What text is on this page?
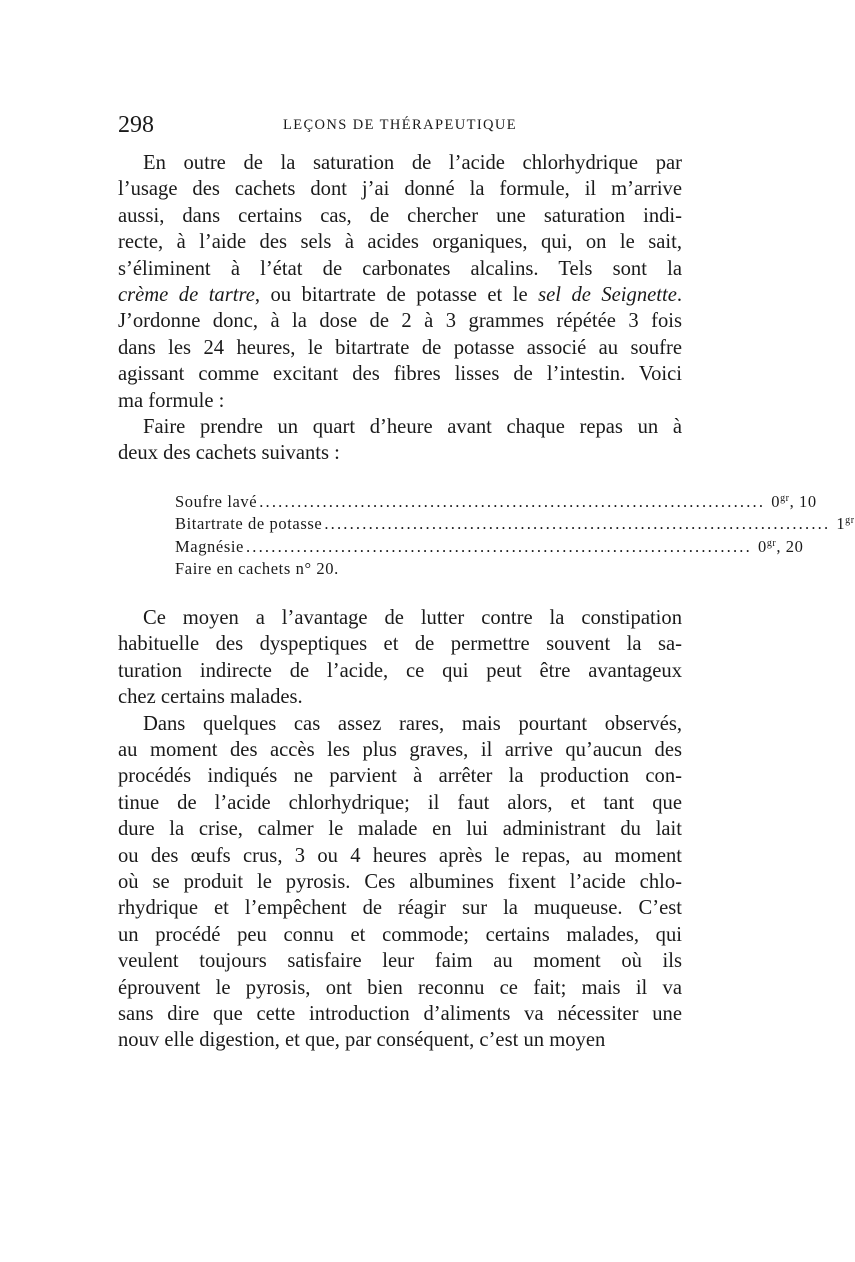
298	LEÇONS DE THÉRAPEUTIQUE

En outre de la saturation de l’acide chlorhydrique par
l’usage des cachets dont j’ai donné la formule, il m’arrive
aussi, dans certains cas, de chercher une saturation indi-
recte, à l’aide des sels à acides organiques, qui, on le sait,
s’éliminent à l’état de carbonates alcalins. Tels sont la
crème de tartre, ou bitartrate de potasse et le sel de Seignette.
J’ordonne donc, à la dose de 2 à 3 grammes répétée 3 fois
dans les 24 heures, le bitartrate de potasse associé au soufre
agissant comme excitant des fibres lisses de l’intestin. Voici
ma formule :

Faire prendre un quart d’heure avant chaque repas un à
deux des cachets suivants :

Soufre lavé ................................................................................ $0^{gr}$, 10
Bitartrate de potasse ................................................................................ $1^{gr}$
Magnésie ................................................................................ $0^{gr}$, 20
Faire en cachets n° 20.

Ce moyen a l’avantage de lutter contre la constipation
habituelle des dyspeptiques et de permettre souvent la sa-
turation indirecte de l’acide, ce qui peut être avantageux
chez certains malades.

Dans quelques cas assez rares, mais pourtant observés,
au moment des accès les plus graves, il arrive qu’aucun des
procédés indiqués ne parvient à arrêter la production con-
tinue de l’acide chlorhydrique; il faut alors, et tant que
dure la crise, calmer le malade en lui administrant du lait
ou des œufs crus, 3 ou 4 heures après le repas, au moment
où se produit le pyrosis. Ces albumines fixent l’acide chlo-
rhydrique et l’empêchent de réagir sur la muqueuse. C’est
un procédé peu connu et commode; certains malades, qui
veulent toujours satisfaire leur faim au moment où ils
éprouvent le pyrosis, ont bien reconnu ce fait; mais il va
sans dire que cette introduction d’aliments va nécessiter une
nouv elle digestion, et que, par conséquent, c’est un moyen
